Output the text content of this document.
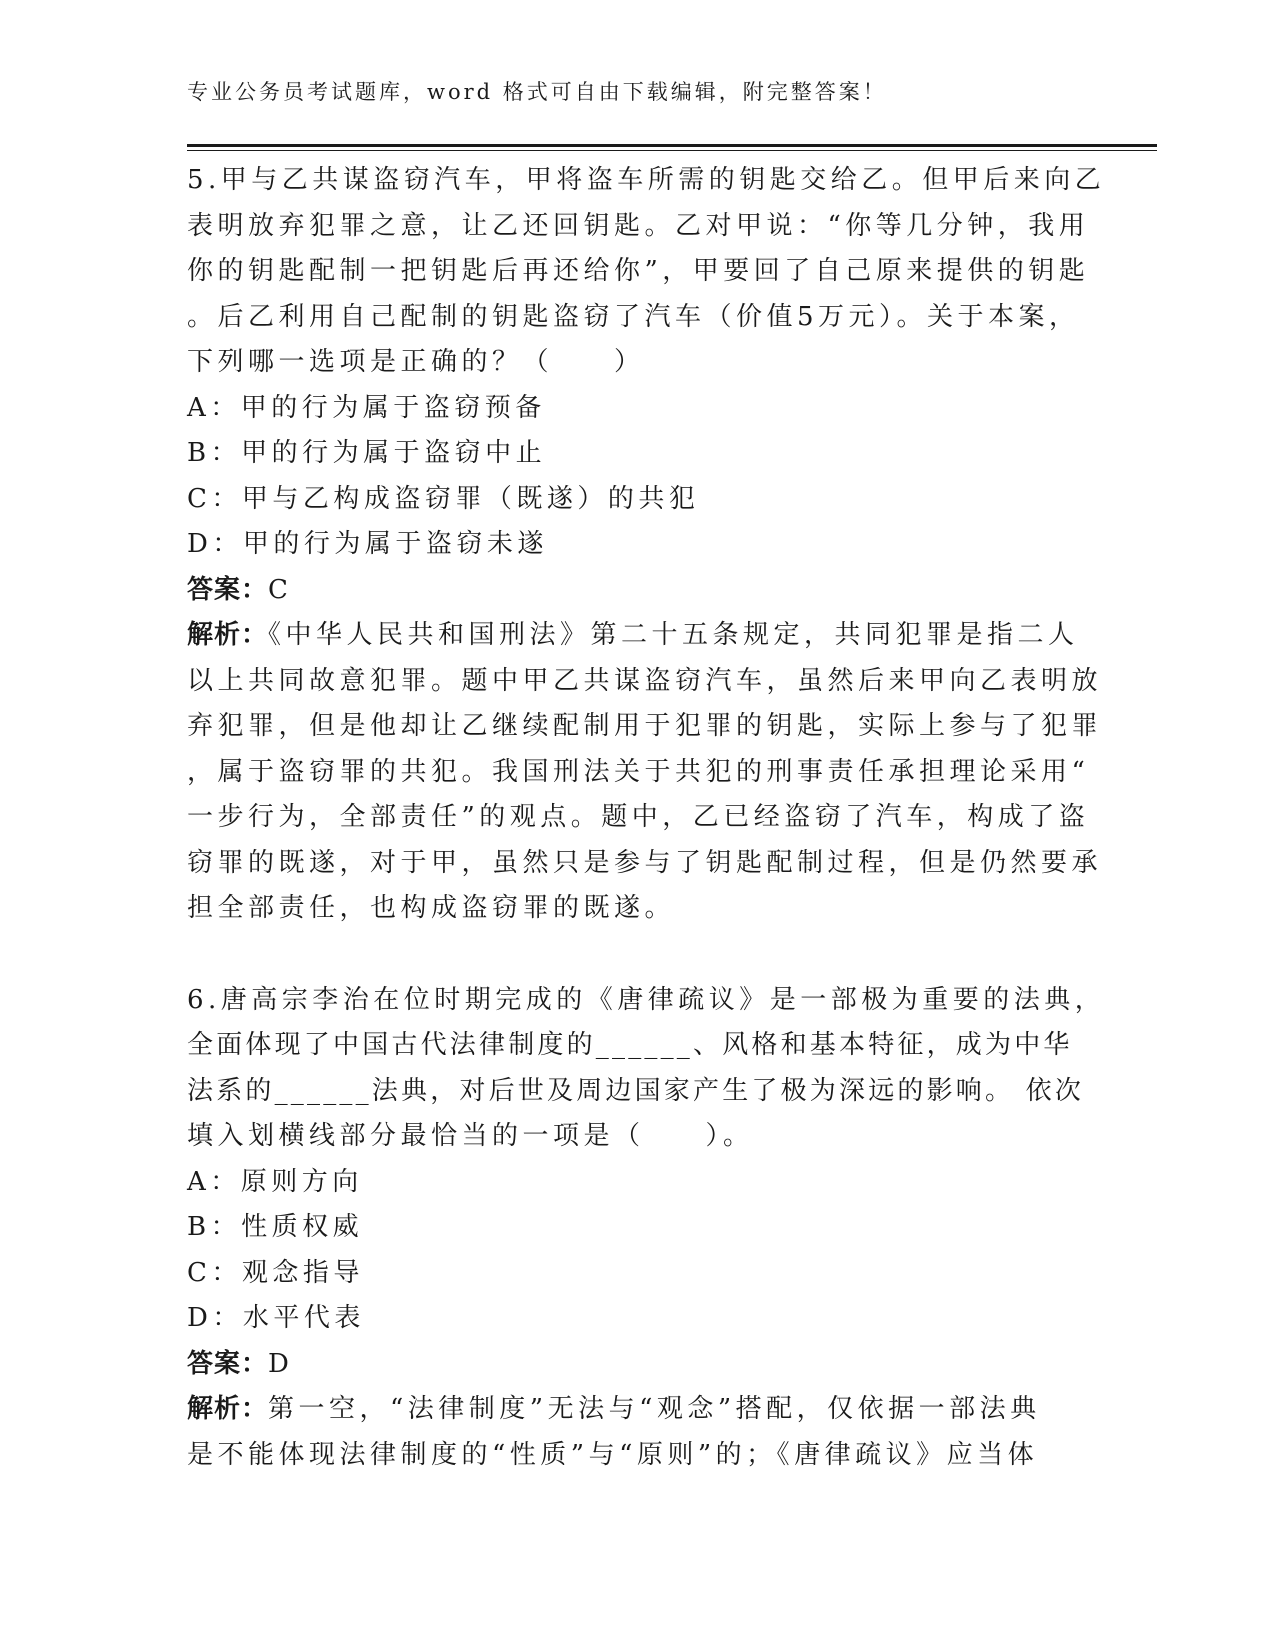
专业公务员考试题库，word 格式可自由下载编辑，附完整答案！
5.甲与乙共谋盗窃汽车，甲将盗车所需的钥匙交给乙。但甲后来向乙
表明放弃犯罪之意，让乙还回钥匙。乙对甲说：“你等几分钟，我用
你的钥匙配制一把钥匙后再还给你”，甲要回了自己原来提供的钥匙
。后乙利用自己配制的钥匙盗窃了汽车（价值5万元）。关于本案，
下列哪一选项是正确的？（　　）
A：甲的行为属于盗窃预备
B：甲的行为属于盗窃中止
C：甲与乙构成盗窃罪（既遂）的共犯
D：甲的行为属于盗窃未遂
答案：C
解析：《中华人民共和国刑法》第二十五条规定，共同犯罪是指二人
以上共同故意犯罪。题中甲乙共谋盗窃汽车，虽然后来甲向乙表明放
弃犯罪，但是他却让乙继续配制用于犯罪的钥匙，实际上参与了犯罪
，属于盗窃罪的共犯。我国刑法关于共犯的刑事责任承担理论采用“
一步行为，全部责任”的观点。题中，乙已经盗窃了汽车，构成了盗
窃罪的既遂，对于甲，虽然只是参与了钥匙配制过程，但是仍然要承
担全部责任，也构成盗窃罪的既遂。
6.唐高宗李治在位时期完成的《唐律疏议》是一部极为重要的法典，
全面体现了中国古代法律制度的______、风格和基本特征，成为中华
法系的______法典，对后世及周边国家产生了极为深远的影响。 依次
填入划横线部分最恰当的一项是（　　）。
A：原则方向
B：性质权威
C：观念指导
D：水平代表
答案：D
解析：第一空，“法律制度”无法与“观念”搭配，仅依据一部法典
是不能体现法律制度的“性质”与“原则”的；《唐律疏议》应当体
